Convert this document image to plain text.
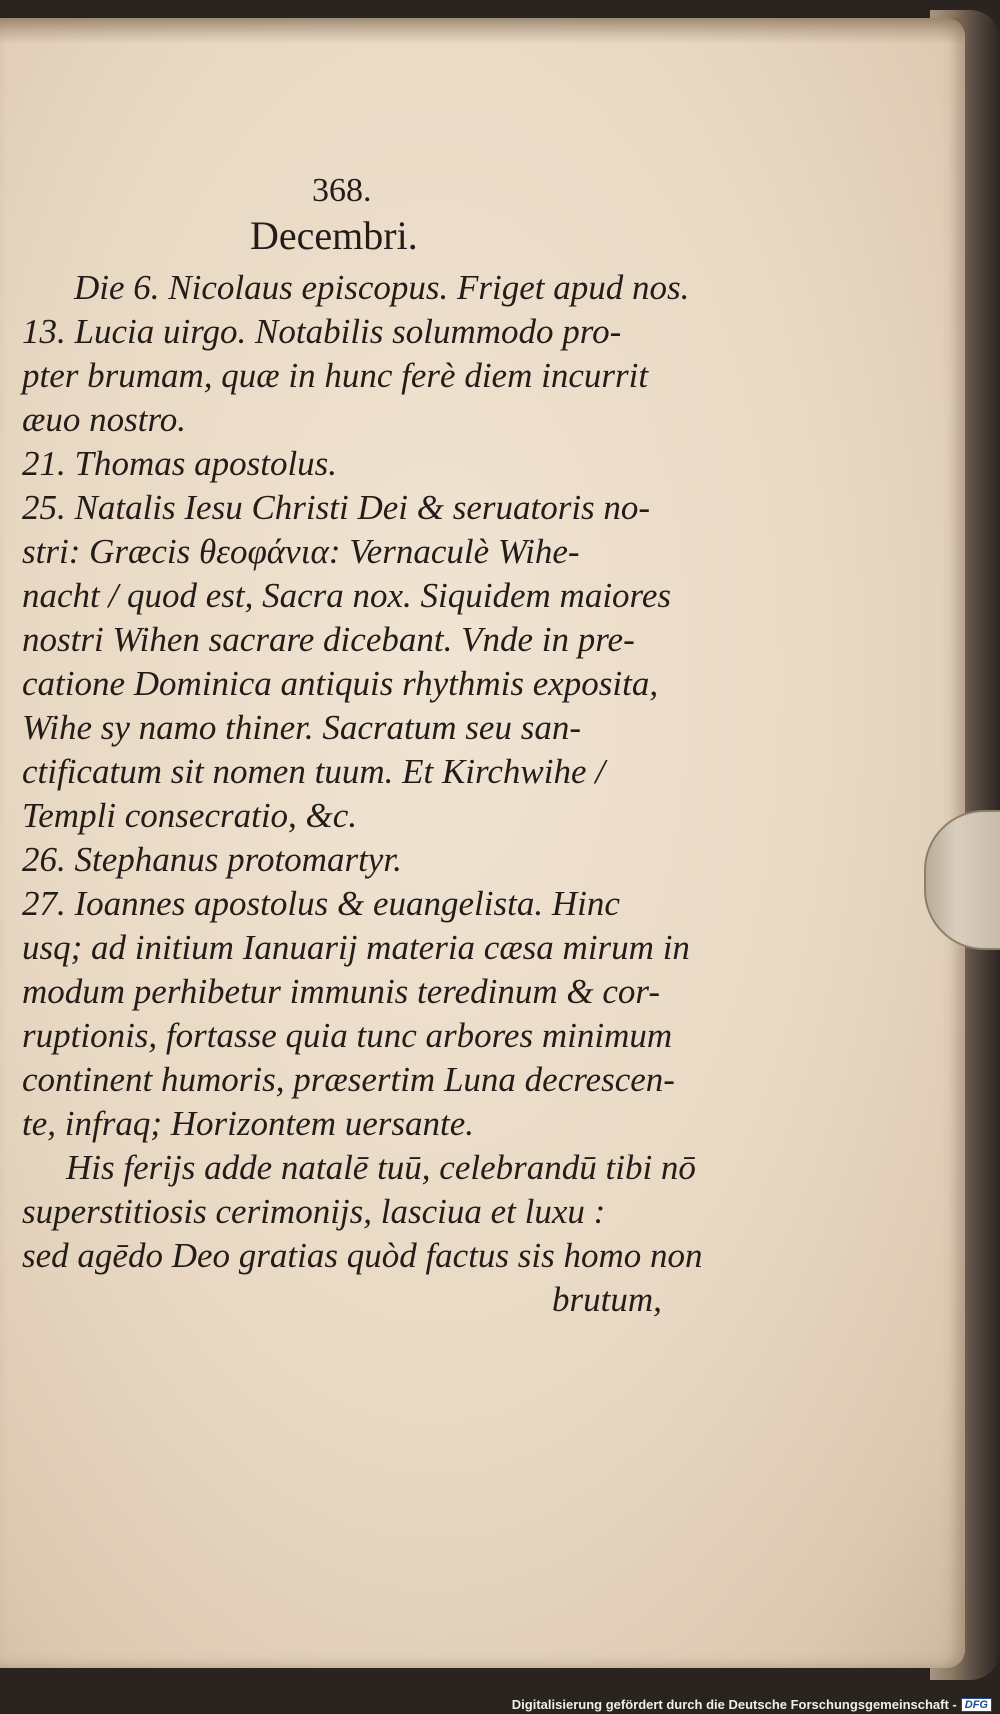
368.
Decembri.
Die 6. Nicolaus episcopus. Friget apud nos.
13. Lucia uirgo. Notabilis solummodo pro-
pter brumam, quæ in hunc ferè diem incurrit
æuo nostro.
21. Thomas apostolus.
25. Natalis Iesu Christi Dei & seruatoris no-
stri: Græcis θεοφάνια: Vernaculè Wihe-
nacht / quod est, Sacra nox. Siquidem maiores
nostri Wihen sacrare dicebant. Vnde in pre-
catione Dominica antiquis rhythmis exposita,
Wihe sy namo thiner. Sacratum seu san-
ctificatum sit nomen tuum. Et Kirchwihe /
Templi consecratio, &c.
26. Stephanus protomartyr.
27. Ioannes apostolus & euangelista. Hinc
usq; ad initium Ianuarij materia cæsa mirum in
modum perhibetur immunis teredinum & cor-
ruptionis, fortasse quia tunc arbores minimum
continent humoris, præsertim Luna decrescen-
te, infraq; Horizontem uersante.
His ferijs adde natalē tuū, celebrandū tibi nō
superstitiosis cerimonijs, lasciua et luxu :
sed agēdo Deo gratias quòd factus sis homo non
brutum,
Digitalisierung gefördert durch die Deutsche Forschungsgemeinschaft - DFG
